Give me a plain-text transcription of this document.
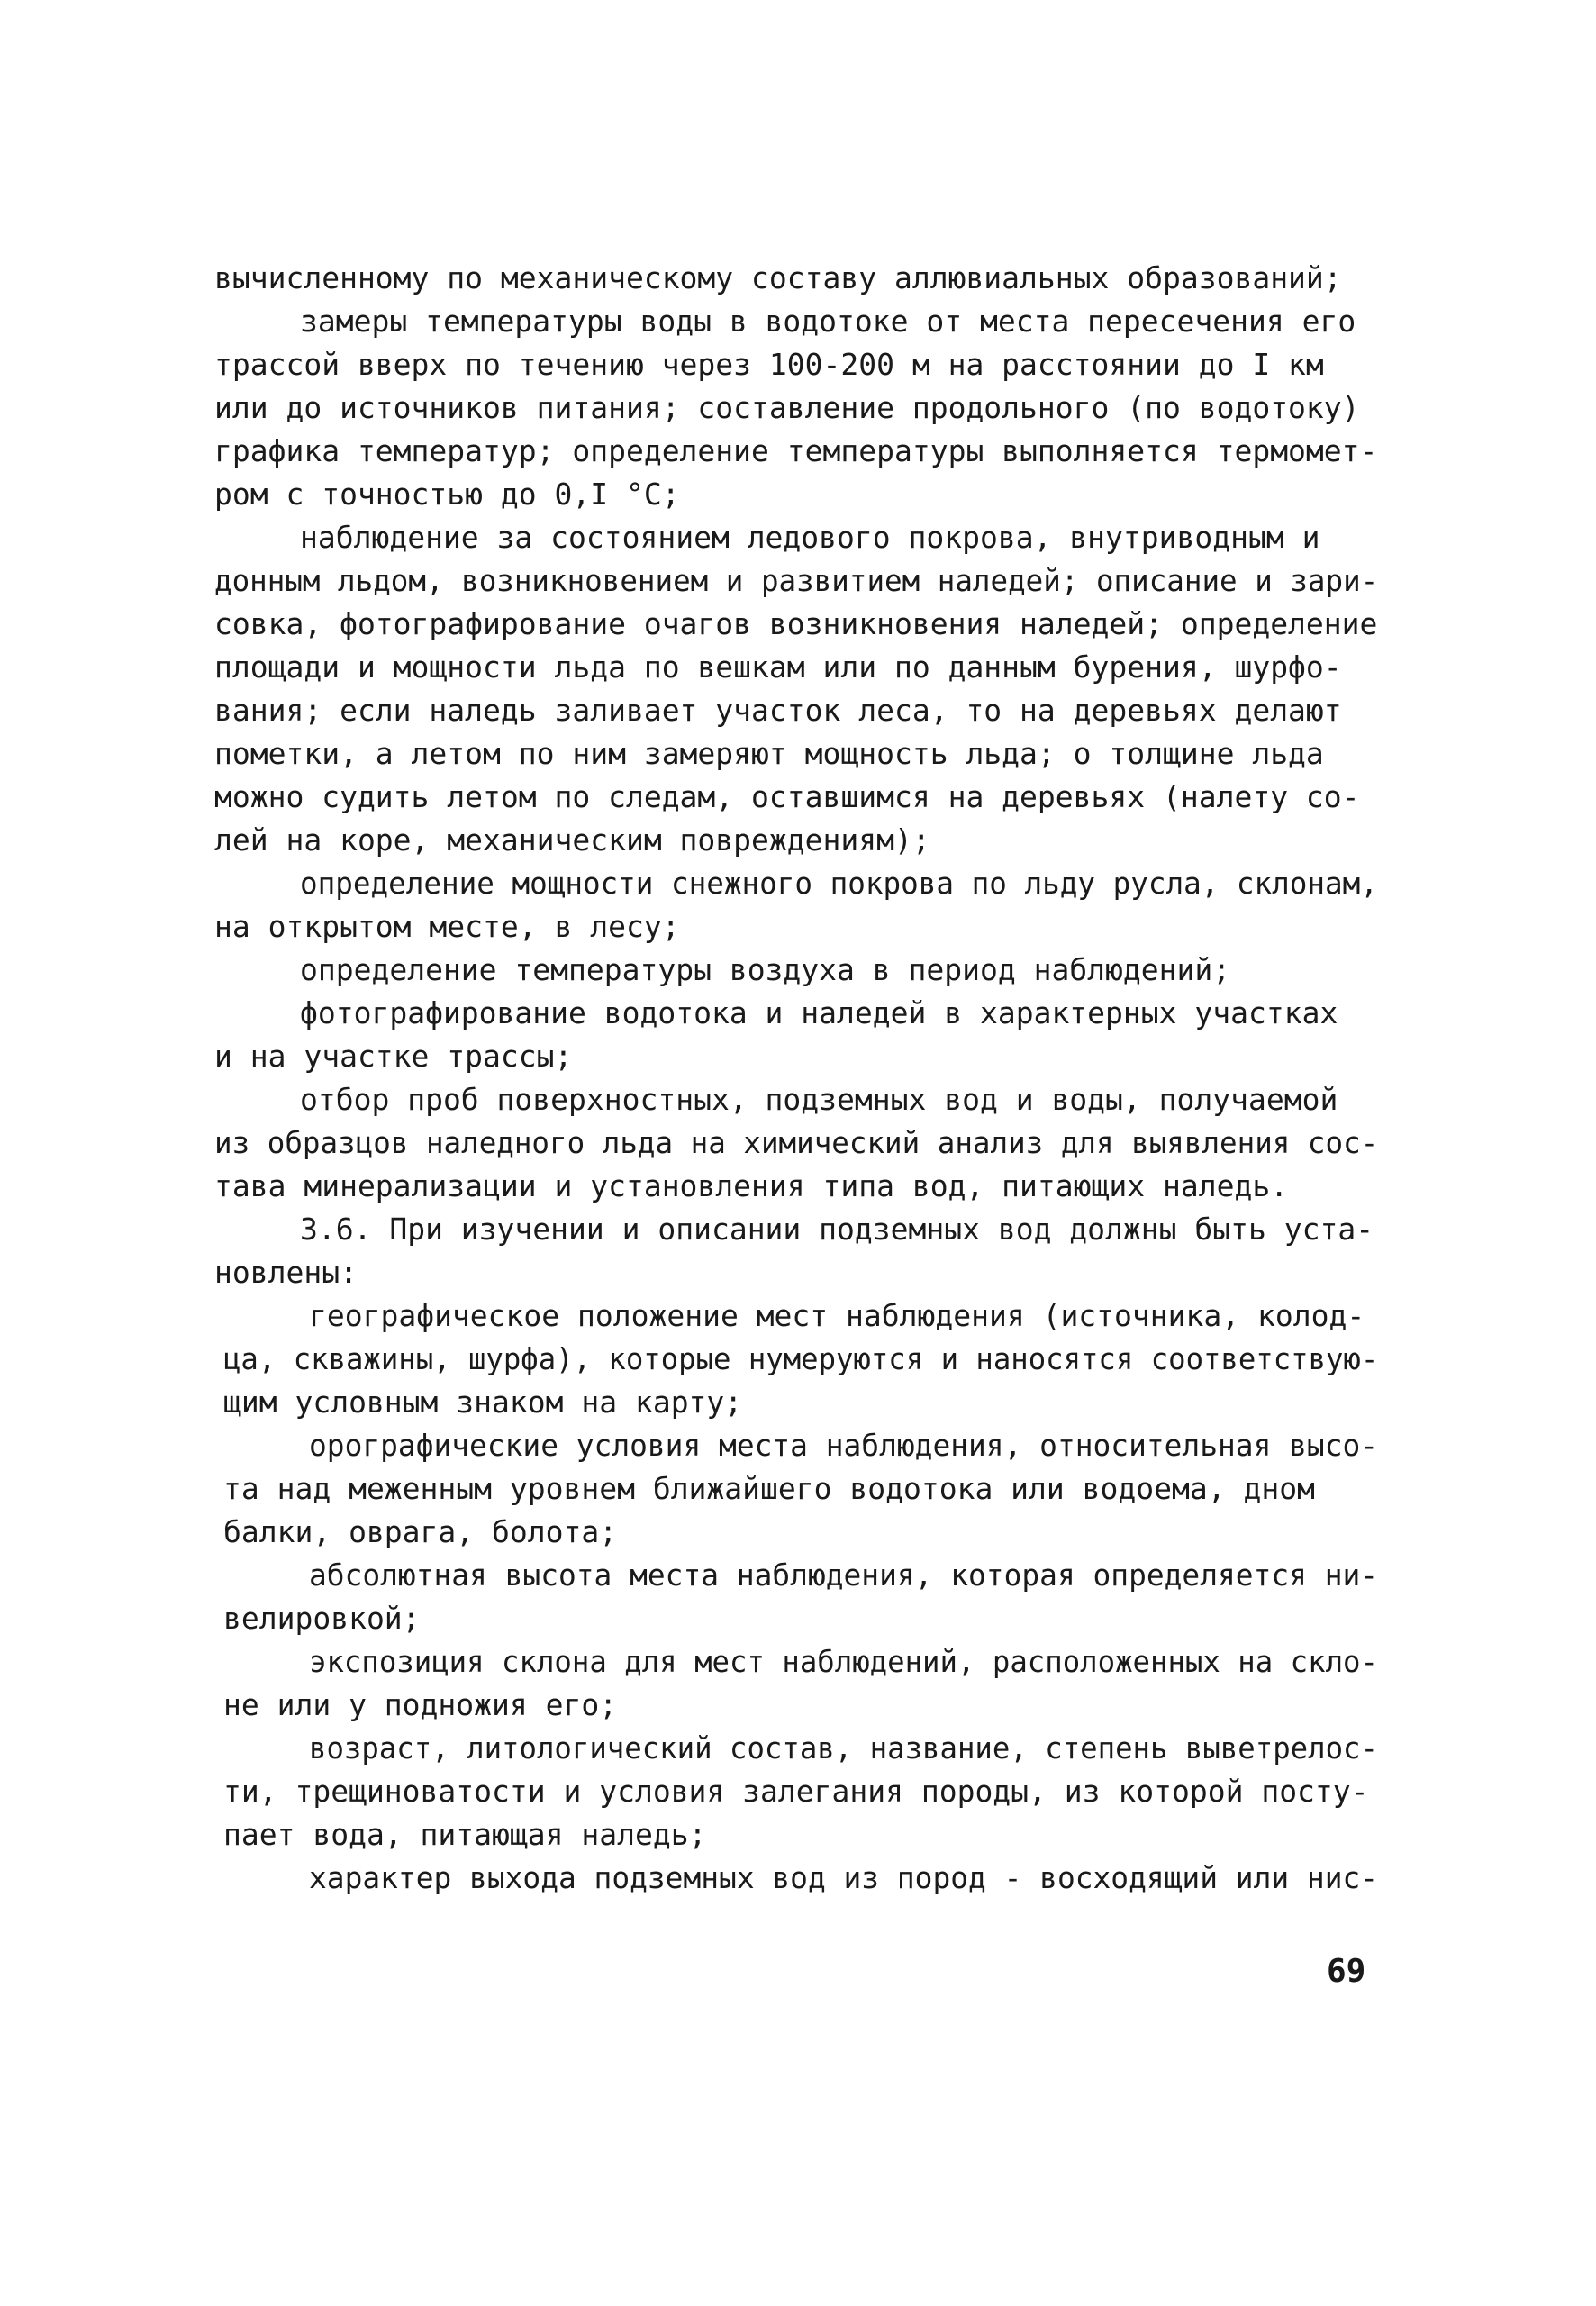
вычисленному по механическому составу аллювиальных образований;
замеры температуры воды в водотоке от места пересечения его
трассой вверх по течению через 100-200 м на расстоянии до I км
или до источников питания; составление продольного (по водотоку)
графика температур; определение температуры выполняется термомет-
ром с точностью до 0,I °C;
наблюдение за состоянием ледового покрова, внутриводным и
донным льдом, возникновением и развитием наледей; описание и зари-
совка, фотографирование очагов возникновения наледей; определение
площади и мощности льда по вешкам или по данным бурения, шурфо-
вания; если наледь заливает участок леса, то на деревьях делают
пометки, а летом по ним замеряют мощность льда; о толщине льда
можно судить летом по следам, оставшимся на деревьях (налету со-
лей на коре, механическим повреждениям);
определение мощности снежного покрова по льду русла, склонам,
на открытом месте, в лесу;
определение температуры воздуха в период наблюдений;
фотографирование водотока и наледей в характерных участках
и на участке трассы;
отбор проб поверхностных, подземных вод и воды, получаемой
из образцов наледного льда на химический анализ для выявления сос-
тава минерализации и установления типа вод, питающих наледь.
3.6. При изучении и описании подземных вод должны быть уста-
новлены:
географическое положение мест наблюдения (источника, колод-
ца, скважины, шурфа), которые нумеруются и наносятся соответствую-
щим условным знаком на карту;
орографические условия места наблюдения, относительная высо-
та над меженным уровнем ближайшего водотока или водоема, дном
балки, оврага, болота;
абсолютная высота места наблюдения, которая определяется ни-
велировкой;
экспозиция склона для мест наблюдений, расположенных на скло-
не или у подножия его;
возраст, литологический состав, название, степень выветрелос-
ти, трещиноватости и условия залегания породы, из которой посту-
пает вода, питающая наледь;
характер выхода подземных вод из пород - восходящий или нис-
69
